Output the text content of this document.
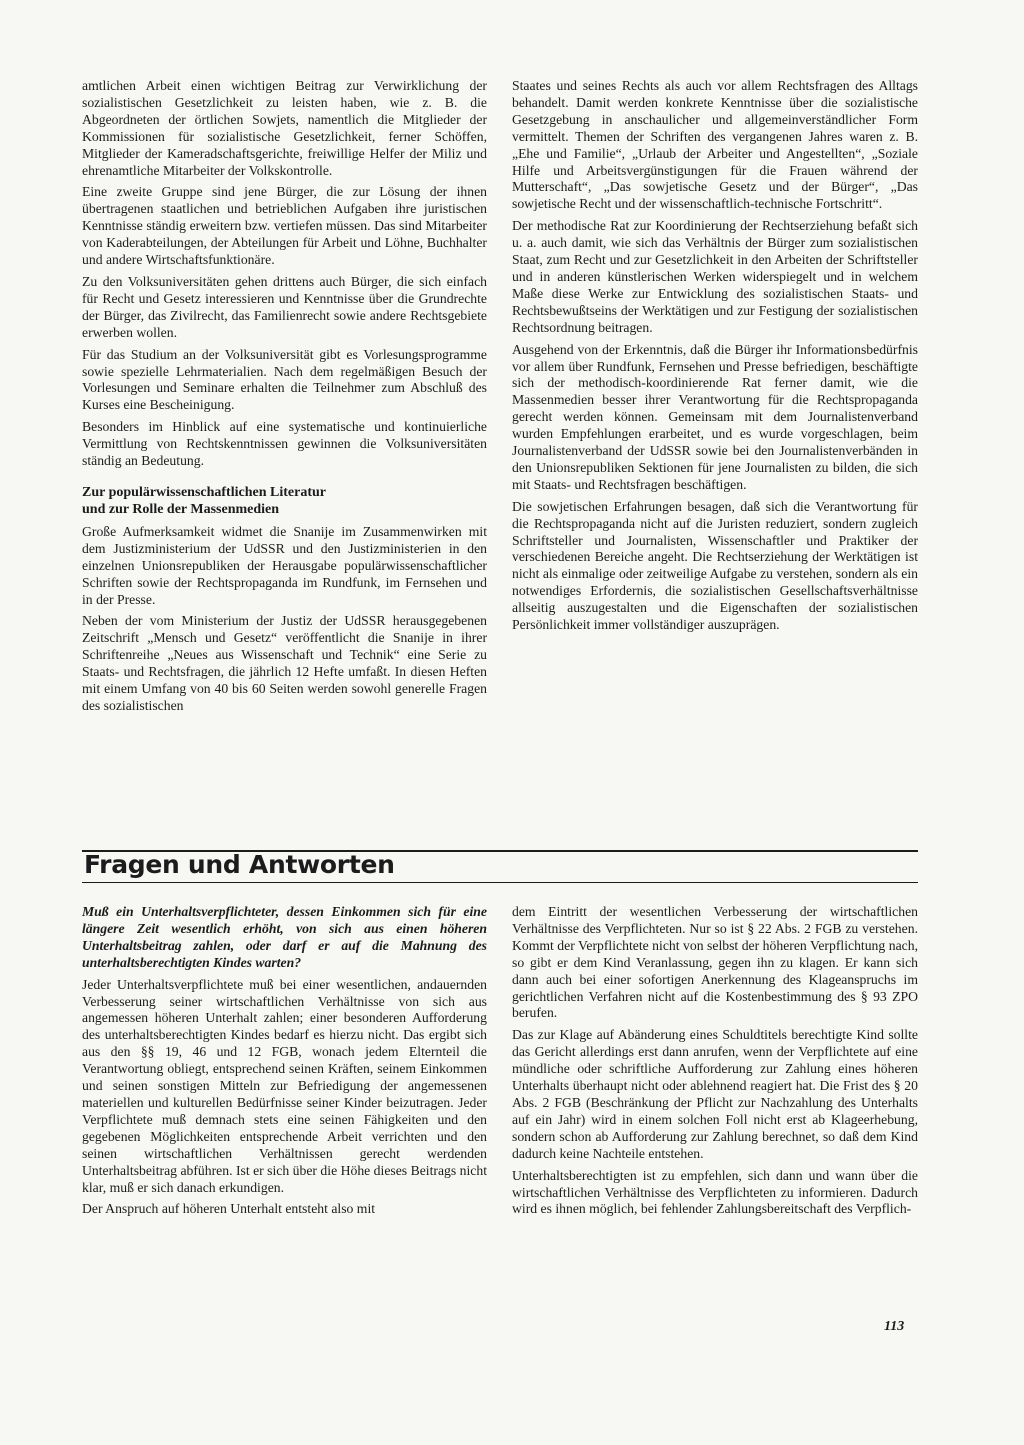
amtlichen Arbeit einen wichtigen Beitrag zur Verwirklichung der sozialistischen Gesetzlichkeit zu leisten haben, wie z. B. die Abgeordneten der örtlichen Sowjets, namentlich die Mitglieder der Kommissionen für sozialistische Gesetzlichkeit, ferner Schöffen, Mitglieder der Kameradschaftsgerichte, freiwillige Helfer der Miliz und ehrenamtliche Mitarbeiter der Volkskontrolle.

Eine zweite Gruppe sind jene Bürger, die zur Lösung der ihnen übertragenen staatlichen und betrieblichen Aufgaben ihre juristischen Kenntnisse ständig erweitern bzw. vertiefen müssen. Das sind Mitarbeiter von Kaderabteilungen, der Abteilungen für Arbeit und Löhne, Buchhalter und andere Wirtschaftsfunktionäre.

Zu den Volksuniversitäten gehen drittens auch Bürger, die sich einfach für Recht und Gesetz interessieren und Kenntnisse über die Grundrechte der Bürger, das Zivilrecht, das Familienrecht sowie andere Rechtsgebiete erwerben wollen.

Für das Studium an der Volksuniversität gibt es Vorlesungsprogramme sowie spezielle Lehrmaterialien. Nach dem regelmäßigen Besuch der Vorlesungen und Seminare erhalten die Teilnehmer zum Abschluß des Kurses eine Bescheinigung.

Besonders im Hinblick auf eine systematische und kontinuierliche Vermittlung von Rechtskenntnissen gewinnen die Volksuniversitäten ständig an Bedeutung.

Zur populärwissenschaftlichen Literatur
und zur Rolle der Massenmedien

Große Aufmerksamkeit widmet die Snanije im Zusammenwirken mit dem Justizministerium der UdSSR und den Justizministerien in den einzelnen Unionsrepubliken der Herausgabe populärwissenschaftlicher Schriften sowie der Rechtspropaganda im Rundfunk, im Fernsehen und in der Presse.

Neben der vom Ministerium der Justiz der UdSSR herausgegebenen Zeitschrift „Mensch und Gesetz“ veröffentlicht die Snanije in ihrer Schriftenreihe „Neues aus Wissenschaft und Technik“ eine Serie zu Staats- und Rechtsfragen, die jährlich 12 Hefte umfaßt. In diesen Heften mit einem Umfang von 40 bis 60 Seiten werden sowohl generelle Fragen des sozialistischen

Staates und seines Rechts als auch vor allem Rechtsfragen des Alltags behandelt. Damit werden konkrete Kenntnisse über die sozialistische Gesetzgebung in anschaulicher und allgemeinverständlicher Form vermittelt. Themen der Schriften des vergangenen Jahres waren z. B. „Ehe und Familie“, „Urlaub der Arbeiter und Angestellten“, „Soziale Hilfe und Arbeitsvergünstigungen für die Frauen während der Mutterschaft“, „Das sowjetische Gesetz und der Bürger“, „Das sowjetische Recht und der wissenschaftlich-technische Fortschritt“.

Der methodische Rat zur Koordinierung der Rechtserziehung befaßt sich u. a. auch damit, wie sich das Verhältnis der Bürger zum sozialistischen Staat, zum Recht und zur Gesetzlichkeit in den Arbeiten der Schriftsteller und in anderen künstlerischen Werken widerspiegelt und in welchem Maße diese Werke zur Entwicklung des sozialistischen Staats- und Rechtsbewußtseins der Werktätigen und zur Festigung der sozialistischen Rechtsordnung beitragen.

Ausgehend von der Erkenntnis, daß die Bürger ihr Informationsbedürfnis vor allem über Rundfunk, Fernsehen und Presse befriedigen, beschäftigte sich der methodisch-koordinierende Rat ferner damit, wie die Massenmedien besser ihrer Verantwortung für die Rechtspropaganda gerecht werden können. Gemeinsam mit dem Journalistenverband wurden Empfehlungen erarbeitet, und es wurde vorgeschlagen, beim Journalistenverband der UdSSR sowie bei den Journalistenverbänden in den Unionsrepubliken Sektionen für jene Journalisten zu bilden, die sich mit Staats- und Rechtsfragen beschäftigen.

Die sowjetischen Erfahrungen besagen, daß sich die Verantwortung für die Rechtspropaganda nicht auf die Juristen reduziert, sondern zugleich Schriftsteller und Journalisten, Wissenschaftler und Praktiker der verschiedenen Bereiche angeht. Die Rechtserziehung der Werktätigen ist nicht als einmalige oder zeitweilige Aufgabe zu verstehen, sondern als ein notwendiges Erfordernis, die sozialistischen Gesellschaftsverhältnisse allseitig auszugestalten und die Eigenschaften der sozialistischen Persönlichkeit immer vollständiger auszuprägen.

Fragen und Antworten

Muß ein Unterhaltsverpflichteter, dessen Einkommen sich für eine längere Zeit wesentlich erhöht, von sich aus einen höheren Unterhaltsbeitrag zahlen, oder darf er auf die Mahnung des unterhaltsberechtigten Kindes warten?

Jeder Unterhaltsverpflichtete muß bei einer wesentlichen, andauernden Verbesserung seiner wirtschaftlichen Verhältnisse von sich aus angemessen höheren Unterhalt zahlen; einer besonderen Aufforderung des unterhaltsberechtigten Kindes bedarf es hierzu nicht. Das ergibt sich aus den §§ 19, 46 und 12 FGB, wonach jedem Elternteil die Verantwortung obliegt, entsprechend seinen Kräften, seinem Einkommen und seinen sonstigen Mitteln zur Befriedigung der angemessenen materiellen und kulturellen Bedürfnisse seiner Kinder beizutragen. Jeder Verpflichtete muß demnach stets eine seinen Fähigkeiten und den gegebenen Möglichkeiten entsprechende Arbeit verrichten und den seinen wirtschaftlichen Verhältnissen gerecht werdenden Unterhaltsbeitrag abführen. Ist er sich über die Höhe dieses Beitrags nicht klar, muß er sich danach erkundigen.

Der Anspruch auf höheren Unterhalt entsteht also mit

dem Eintritt der wesentlichen Verbesserung der wirtschaftlichen Verhältnisse des Verpflichteten. Nur so ist § 22 Abs. 2 FGB zu verstehen. Kommt der Verpflichtete nicht von selbst der höheren Verpflichtung nach, so gibt er dem Kind Veranlassung, gegen ihn zu klagen. Er kann sich dann auch bei einer sofortigen Anerkennung des Klageanspruchs im gerichtlichen Verfahren nicht auf die Kostenbestimmung des § 93 ZPO berufen.

Das zur Klage auf Abänderung eines Schuldtitels berechtigte Kind sollte das Gericht allerdings erst dann anrufen, wenn der Verpflichtete auf eine mündliche oder schriftliche Aufforderung zur Zahlung eines höheren Unterhalts überhaupt nicht oder ablehnend reagiert hat. Die Frist des § 20 Abs. 2 FGB (Beschränkung der Pflicht zur Nachzahlung des Unterhalts auf ein Jahr) wird in einem solchen Foll nicht erst ab Klageerhebung, sondern schon ab Aufforderung zur Zahlung berechnet, so daß dem Kind dadurch keine Nachteile entstehen.

Unterhaltsberechtigten ist zu empfehlen, sich dann und wann über die wirtschaftlichen Verhältnisse des Verpflichteten zu informieren. Dadurch wird es ihnen möglich, bei fehlender Zahlungsbereitschaft des Verpflich-

113
